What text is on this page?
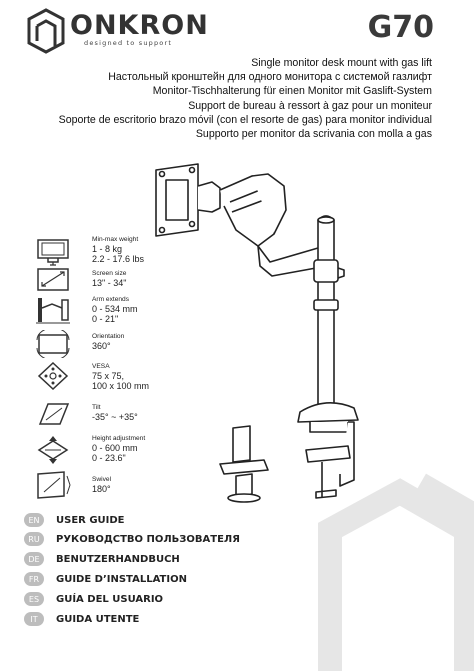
ONKRON
designed to support	G70
Single monitor desk mount with gas lift
Настольный кронштейн для одного монитора с системой газлифт
Monitor-Tischhalterung für einen Monitor mit Gaslift-System
Support de bureau à ressort à gaz pour un moniteur
Soporte de escritorio brazo móvil (con el resorte de gas) para monitor individual
Supporto per monitor da scrivania con molla a gas
Min-max weight
1 - 8 kg
2.2 - 17.6 lbs
Screen size
13" - 34"
Arm extends
0 - 534 mm
0 - 21"
Orientation
360°
VESA
75 x 75,
100 x 100 mm
Tilt
-35° ~ +35°
Height adjustment
0 - 600 mm
0 - 23.6"
Swivel
180°
EN	USER GUIDE
RU	РУКОВОДСТВО ПОЛЬЗОВАТЕЛЯ
DE	BENUTZERHANDBUCH
FR	GUIDE D’INSTALLATION
ES	GUÍA DEL USUARIO
IT	GUIDA UTENTE
